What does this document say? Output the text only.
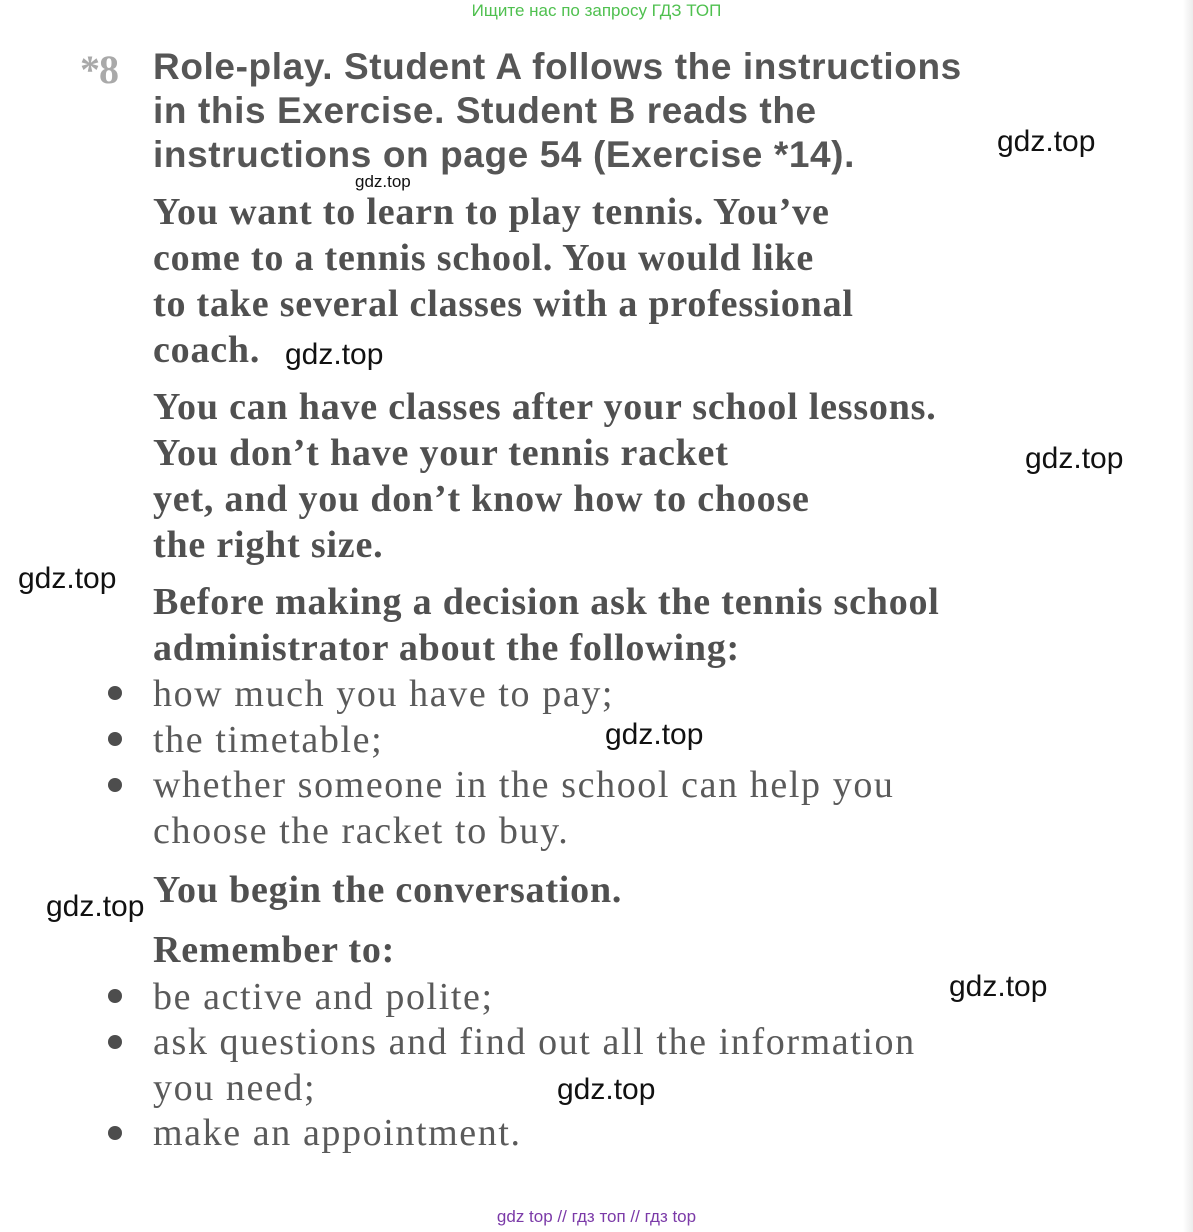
Ищите нас по запросу ГДЗ ТОП
*8 Role-play. Student A follows the instructions
in this Exercise. Student B reads the
instructions on page 54 (Exercise *14).
You want to learn to play tennis. You’ve
come to a tennis school. You would like
to take several classes with a professional
coach.
You can have classes after your school lessons.
You don’t have your tennis racket
yet, and you don’t know how to choose
the right size.
Before making a decision ask the tennis school
administrator about the following:
how much you have to pay;
the timetable;
whether someone in the school can help you
choose the racket to buy.
You begin the conversation.
Remember to:
be active and polite;
ask questions and find out all the information
you need;
make an appointment.
gdz.top
gdz.top
gdz.top
gdz.top
gdz.top
gdz.top
gdz.top
gdz.top
gdz.top
gdz top // гдз топ // гдз top
